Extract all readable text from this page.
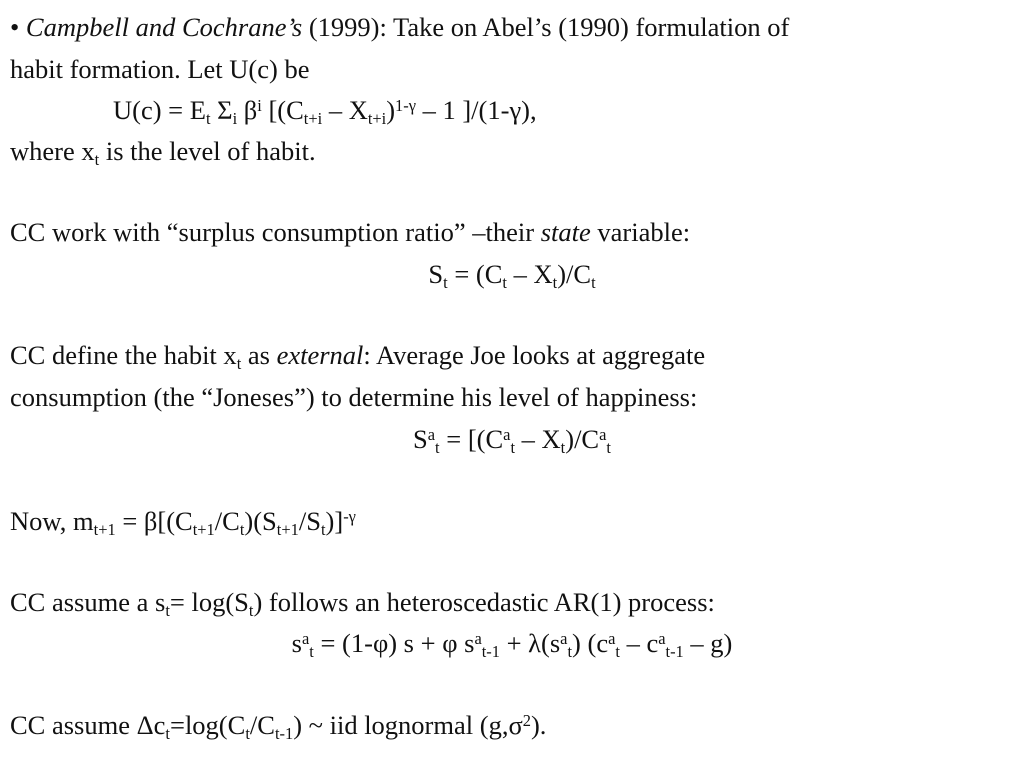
• Campbell and Cochrane’s (1999): Take on Abel’s (1990) formulation of
habit formation. Let U(c) be
$U(c) = E_t$ $\Sigma_i$ $\beta^i$ [$(C_{t+i} - X_{t+i})^{1-\gamma} - 1$ ]/(1-γ),
where $x_t$ is the level of habit.
CC work with “surplus consumption ratio” –their state variable:
$S_t = (C_t - X_t)/C_t$
CC define the habit $x_t$ as external: Average Joe looks at aggregate
consumption (the “Joneses”) to determine his level of happiness:
$S^a_t = [(C^a_t - X_t)/C^a_t$
Now, $m_{t+1} = \beta[(C_{t+1}/C_t)(S_{t+1}/S_t)]^{-\gamma}$
CC assume a $s_t= \log(S_t)$ follows an heteroscedastic AR(1) process:
$s^a_t = (1-\varphi) s + \varphi$ $s^a_{t-1} + \lambda(s^a_t)$ $(c^a_t - c^a_{t-1} - g)$
CC assume $\Delta c_t=\log(C_t/C_{t-1})$ ~ iid lognormal $(g,\sigma^2)$.
